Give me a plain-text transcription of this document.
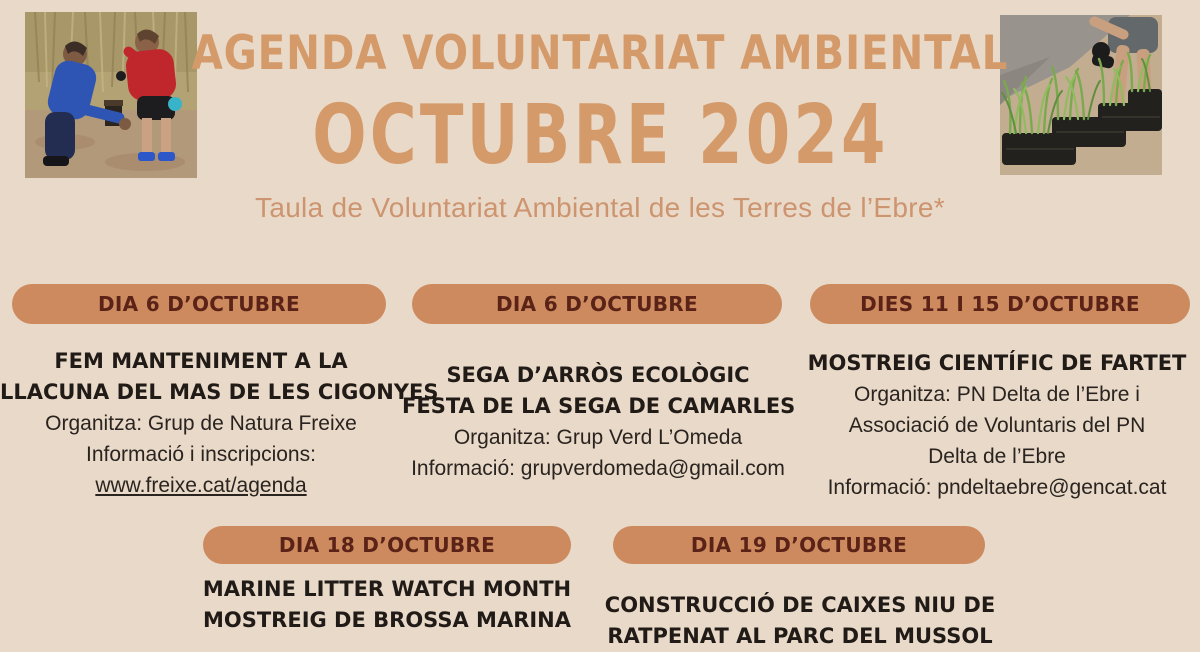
AGENDA VOLUNTARIAT AMBIENTAL
OCTUBRE 2024
Taula de Voluntariat Ambiental de les Terres de l’Ebre*
DIA 6 D’OCTUBRE	DIA 6 D’OCTUBRE	DIES 11 I 15 D’OCTUBRE
FEM MANTENIMENT A LA
LLACUNA DEL MAS DE LES CIGONYES
Organitza: Grup de Natura Freixe
Informació i inscripcions:
www.freixe.cat/agenda
SEGA D’ARRÒS ECOLÒGIC
FESTA DE LA SEGA DE CAMARLES
Organitza: Grup Verd L’Omeda
Informació: grupverdomeda@gmail.com
MOSTREIG CIENTÍFIC DE FARTET
Organitza: PN Delta de l’Ebre i
Associació de Voluntaris del PN
Delta de l’Ebre
Informació: pndeltaebre@gencat.cat
DIA 18 D’OCTUBRE	DIA 19 D’OCTUBRE
MARINE LITTER WATCH MONTH
MOSTREIG DE BROSSA MARINA
CONSTRUCCIÓ DE CAIXES NIU DE
RATPENAT AL PARC DEL MUSSOL
